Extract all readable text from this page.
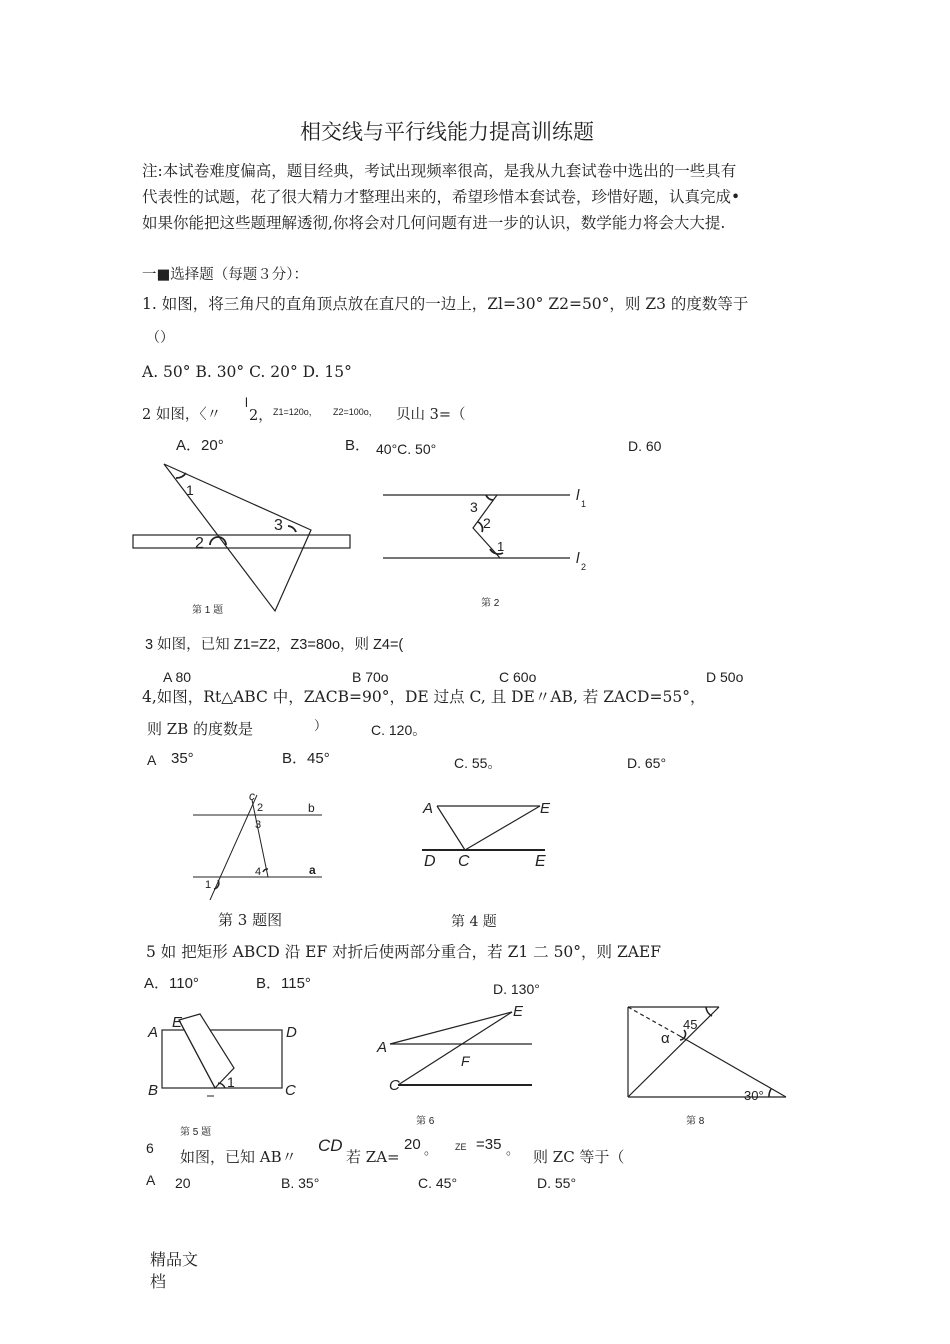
相交线与平行线能力提高训练题
注:本试卷难度偏高，题目经典，考试出现频率很高，是我从九套试卷中选出的一些具有
代表性的试题，花了很大精力才整理出来的，希望珍惜本套试卷，珍惜好题，认真完成•
如果你能把这些题理解透彻,你将会对几何问题有进一步的认识，数学能力将会大大提.
一■选择题（每题３分）：
1. 如图，将三角尺的直角顶点放在直尺的一边上，Zl=30° Z2=50°，则 Z3 的度数等于
（）
A. 50° B. 30° C. 20° D. 15°
2 如图，〈〃
l
2， Z1=120o， Z2=100o， 贝山 3=（
A．20°	B． 40°C. 50°	D. 60
1
2
3
第 1 题
3
2
1
l 1
l 2
第 2
3 如图，已知 Z1=Z2，Z3=80o，则 Z4=(
A 80	B 70o	C 60o	D 50o
4,如图，Rt△ABC 中，ZACB=90°，DE 过点 C, 且 DE〃AB, 若 ZACD=55°，
则 ZB 的度数是	）	C. 120。
A 35°	B．45°	C. 55。	D. 65°
c
2
3
b
1
4	a
第 3 题图
A	E
D C	E
第 4 题
5 如 把矩形 ABCD 沿 EF 对折后使两部分重合，若 Z1 二 50°，则 ZAEF
A．110°	B．115°	D. 130°
A
E
D
B	C
1
第 5 题
A
E
F
C
第 6
45
α
30°
第 8
6 如图，已知 AB〃
CD
若 ZA=
20 。 ZE =35 。 则 ZC 等于（
A 20	B. 35°	C. 45°	D. 55°
精品文
档
